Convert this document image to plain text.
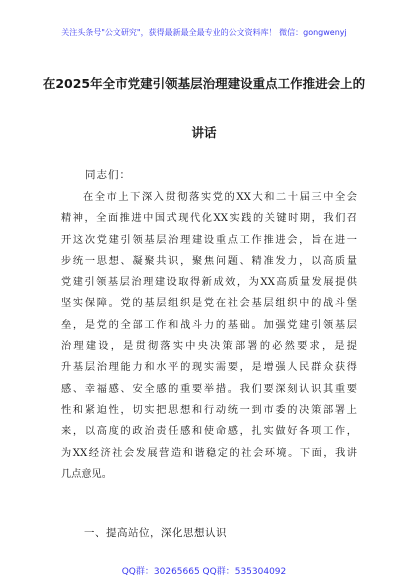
关注头条号"公文研究"，获得最新最全最专业的公文资料库！ 微信：gongwenyj
在2025年全市党建引领基层治理建设重点工作推进会上的
讲话
同志们：
在全市上下深入贯彻落实党的XX大和二十届三中全会
精神，全面推进中国式现代化XX实践的关键时期，我们召
开这次党建引领基层治理建设重点工作推进会，旨在进一
步统一思想、凝聚共识，聚焦问题、精准发力，以高质量
党建引领基层治理建设取得新成效，为XX高质量发展提供
坚实保障。党的基层组织是党在社会基层组织中的战斗堡
垒，是党的全部工作和战斗力的基础。加强党建引领基层
治理建设，是贯彻落实中央决策部署的必然要求，是提
升基层治理能力和水平的现实需要，是增强人民群众获得
感、幸福感、安全感的重要举措。我们要深刻认识其重要
性和紧迫性，切实把思想和行动统一到市委的决策部署上
来，以高度的政治责任感和使命感，扎实做好各项工作，
为XX经济社会发展营造和谐稳定的社会环境。下面，我讲
几点意见。
一、提高站位，深化思想认识
QQ群：30265665 QQ群：535304092
